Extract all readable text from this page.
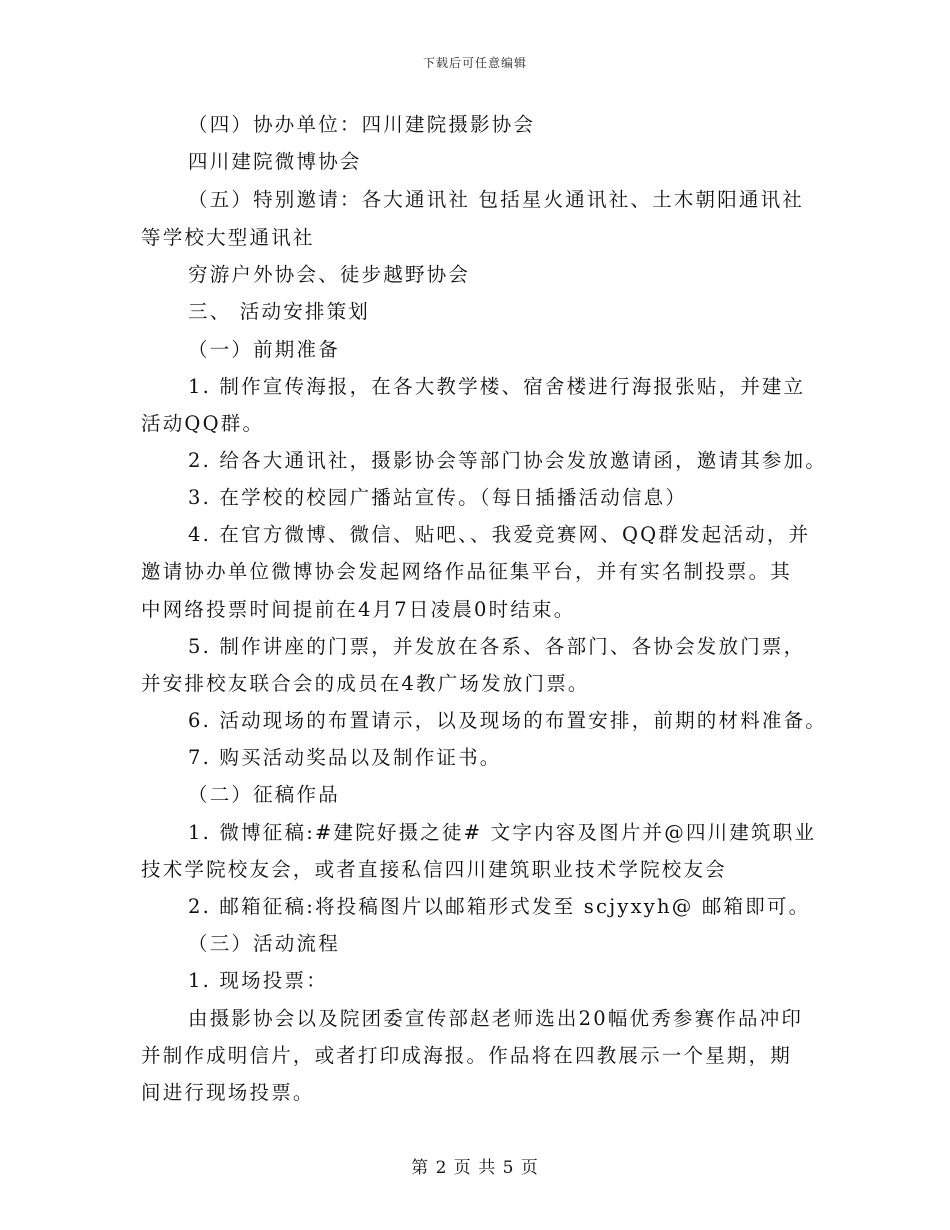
下载后可任意编辑
（四）协办单位：四川建院摄影协会
四川建院微博协会
（五）特别邀请：各大通讯社 包括星火通讯社、土木朝阳通讯社
等学校大型通讯社
穷游户外协会、徒步越野协会
三、 活动安排策划
（一）前期准备
1. 制作宣传海报，在各大教学楼、宿舍楼进行海报张贴，并建立
活动QQ群。
2. 给各大通讯社，摄影协会等部门协会发放邀请函，邀请其参加。
3. 在学校的校园广播站宣传。（每日插播活动信息）
4. 在官方微博、微信、贴吧、、我爱竞赛网、QQ群发起活动，并
邀请协办单位微博协会发起网络作品征集平台，并有实名制投票。其
中网络投票时间提前在4月7日凌晨0时结束。
5. 制作讲座的门票，并发放在各系、各部门、各协会发放门票，
并安排校友联合会的成员在4教广场发放门票。
6. 活动现场的布置请示，以及现场的布置安排，前期的材料准备。
7. 购买活动奖品以及制作证书。
（二）征稿作品
1. 微博征稿:#建院好摄之徒# 文字内容及图片并@四川建筑职业
技术学院校友会，或者直接私信四川建筑职业技术学院校友会
2. 邮箱征稿:将投稿图片以邮箱形式发至 scjyxyh@ 邮箱即可。
（三）活动流程
1. 现场投票：
由摄影协会以及院团委宣传部赵老师选出20幅优秀参赛作品冲印
并制作成明信片，或者打印成海报。作品将在四教展示一个星期，期
间进行现场投票。
第 2 页 共 5 页
